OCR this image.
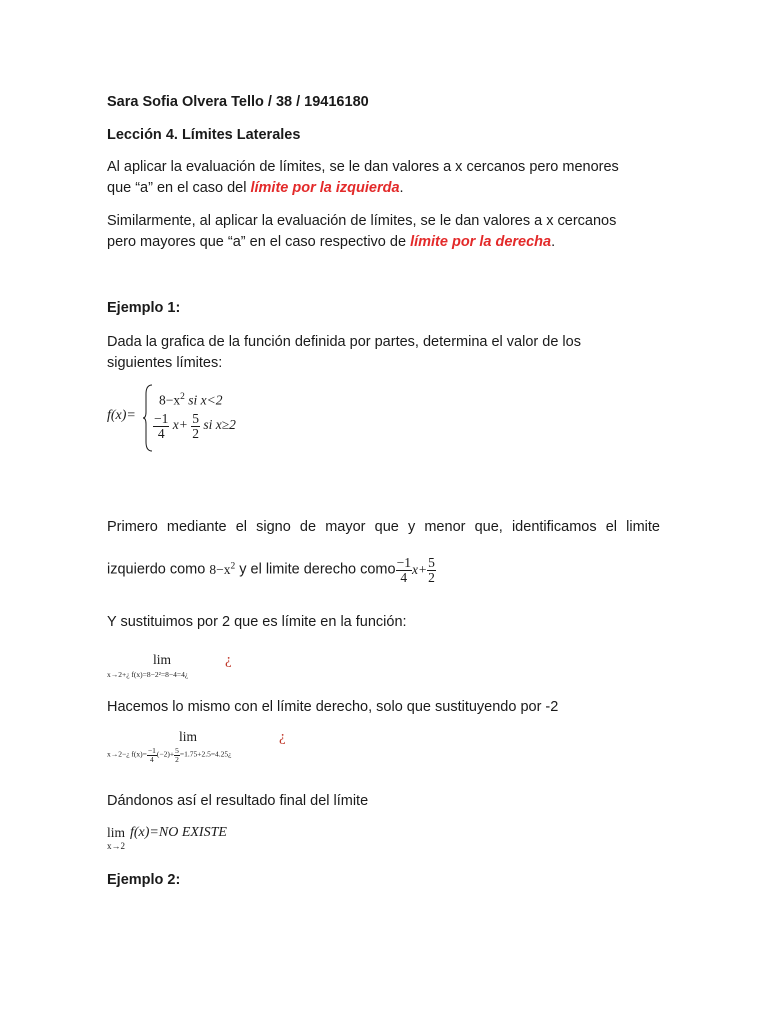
Sara Sofia Olvera Tello / 38 / 19416180
Lección 4. Límites Laterales
Al aplicar la evaluación de límites, se le dan valores a x cercanos pero menores
que “a” en el caso del límite por la izquierda.
Similarmente, al aplicar la evaluación de límites, se le dan valores a x cercanos
pero mayores que “a” en el caso respectivo de límite por la derecha.
Ejemplo 1:
Dada la grafica de la función definida por partes, determina el valor de los
siguientes límites:
f(x)=
$8-x^2$ si x<2
$\frac{-1}{4} x+ \frac{5}{2}$ si x≥2
Primero mediante el signo de mayor que y menor que, identificamos el limite
izquierdo como $8-x^2$ y el limite derecho como $\frac{-1}{4} x+ \frac{5}{2}$
Y sustituimos por 2 que es límite en la función:
lim	¿
x→2+¿ f(x)=8−2²=8−4=4¿
Hacemos lo mismo con el límite derecho, solo que sustituyendo por -2
lim	¿
x→2−¿ $f(x)= \frac{-1}{4} (-2)+ \frac{5}{2}$ =1.75+2.5=4.25¿
Dándonos así el resultado final del límite
lim
x→2
f(x)=NO EXISTE
Ejemplo 2:
